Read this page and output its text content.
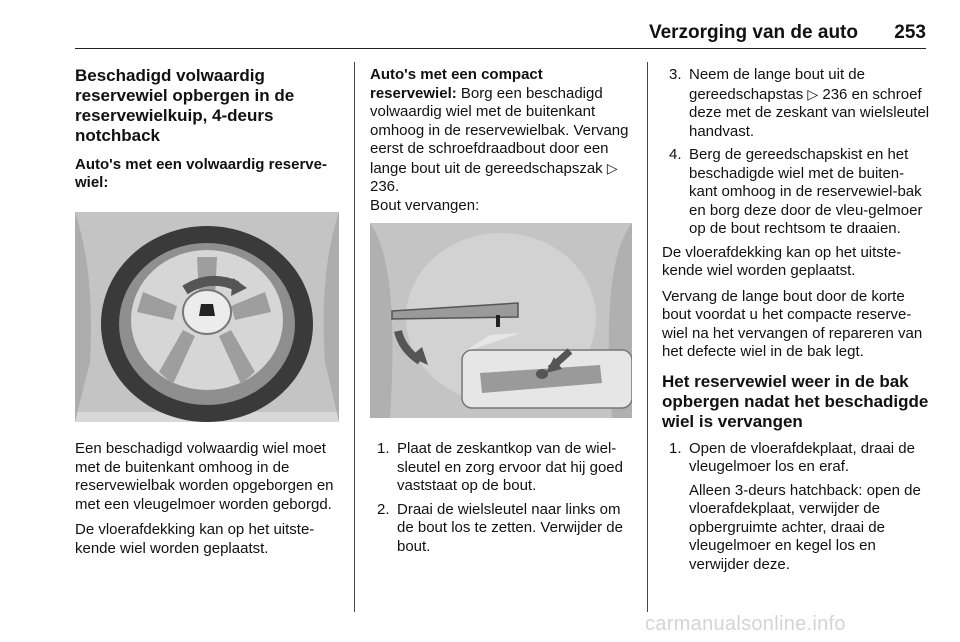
Verzorging van de auto 253
Beschadigd volwaardig reservewiel opbergen in de reservewielkuip, 4-deurs notchback
Auto's met een volwaardig reserve-wiel:

Een beschadigd volwaardig wiel moet met de buitenkant omhoog in de reservewielbak worden opgeborgen en met een vleugelmoer worden geborgd.

De vloerafdekking kan op het uitste-kende wiel worden geplaatst.

Auto's met een compact reservewiel: Borg een beschadigd volwaardig wiel met de buitenkant omhoog in de reservewielbak. Vervang eerst de schroefdraadbout door een lange bout uit de gereedschapszak ▷ 236.
Bout vervangen:

1. Plaat de zeskantkop van de wiel-sleutel en zorg ervoor dat hij goed vaststaat op de bout.
2. Draai de wielsleutel naar links om de bout los te zetten. Verwijder de bout.
3. Neem de lange bout uit de gereedschapstas ▷ 236 en schroef deze met de zeskant van wielsleutel handvast.
4. Berg de gereedschapskist en het beschadigde wiel met de buiten-kant omhoog in de reservewiel-bak en borg deze door de vleu-gelmoer op de bout rechtsom te draaien.

De vloerafdekking kan op het uitste-kende wiel worden geplaatst.

Vervang de lange bout door de korte bout voordat u het compacte reserve-wiel na het vervangen of repareren van het defecte wiel in de bak legt.

Het reservewiel weer in de bak opbergen nadat het beschadigde wiel is vervangen
1. Open de vloerafdekplaat, draai de vleugelmoer los en eraf.
Alleen 3-deurs hatchback: open de vloerafdekplaat, verwijder de opbergruimte achter, draai de vleugelmoer en kegel los en verwijder deze.
carmanualsonline.info
